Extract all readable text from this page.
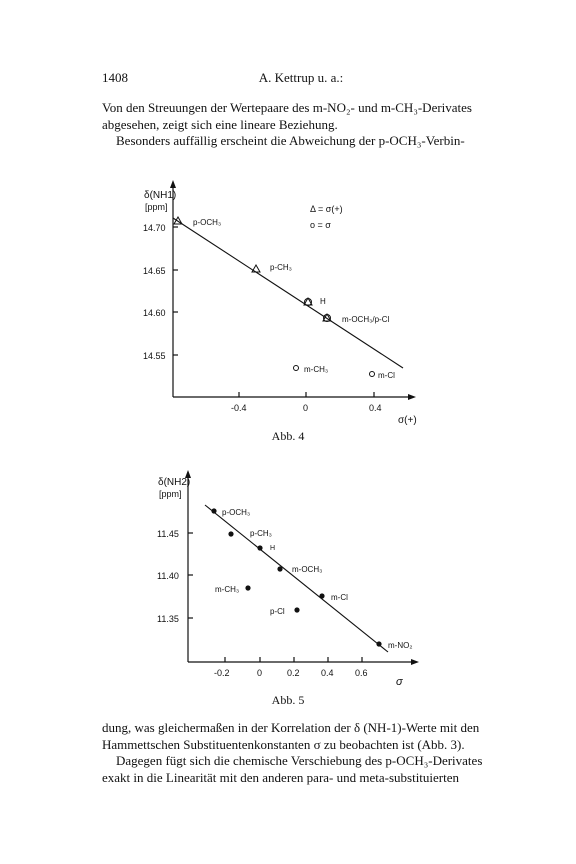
1408	A. Kettrup u. a.:

Von den Streuungen der Wertepaare des m-NO₂- und m-CH₃-Derivates
abgesehen, zeigt sich eine lineare Beziehung.
Besonders auffällig erscheint die Abweichung der p-OCH₃-Verbin-

δ(NH1)
[ppm]
14.70
14.65
14.60
14.55
-0.4	0	0.4
σ(+)
Δ = σ(+)
o = σ
p-OCH₃
p-CH₃
H
m-OCH₃/p-Cl
m-CH₃
m-Cl
δ(NH2)
[ppm]
11.45
11.40
11.35
-0.2	0	0.2 0.4 0.6
σ
p-OCH₃
p-CH₃
H
m-OCH₃
m-CH₃
m-Cl
p-Cl
m-NO₂
Abb. 4
Abb. 5

dung, was gleichermaßen in der Korrelation der δ (NH-1)-Werte mit den
Hammettschen Substituentenkonstanten σ zu beobachten ist (Abb. 3).
Dagegen fügt sich die chemische Verschiebung des p-OCH₃-Derivates
exakt in die Linearität mit den anderen para- und meta-substituierten
